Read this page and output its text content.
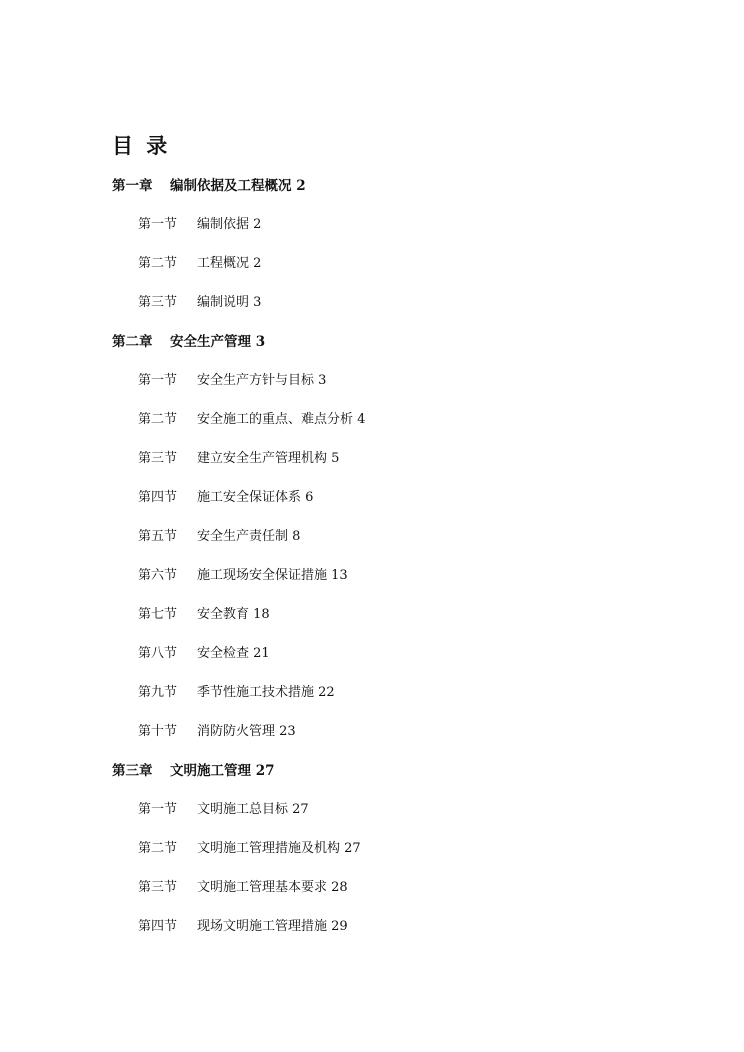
目 录
第一章 编制依据及工程概况 2
第一节 编制依据 2
第二节 工程概况 2
第三节 编制说明 3
第二章 安全生产管理 3
第一节 安全生产方针与目标 3
第二节 安全施工的重点、难点分析 4
第三节 建立安全生产管理机构 5
第四节 施工安全保证体系 6
第五节 安全生产责任制 8
第六节 施工现场安全保证措施 13
第七节 安全教育 18
第八节 安全检查 21
第九节 季节性施工技术措施 22
第十节 消防防火管理 23
第三章 文明施工管理 27
第一节 文明施工总目标 27
第二节 文明施工管理措施及机构 27
第三节 文明施工管理基本要求 28
第四节 现场文明施工管理措施 29
